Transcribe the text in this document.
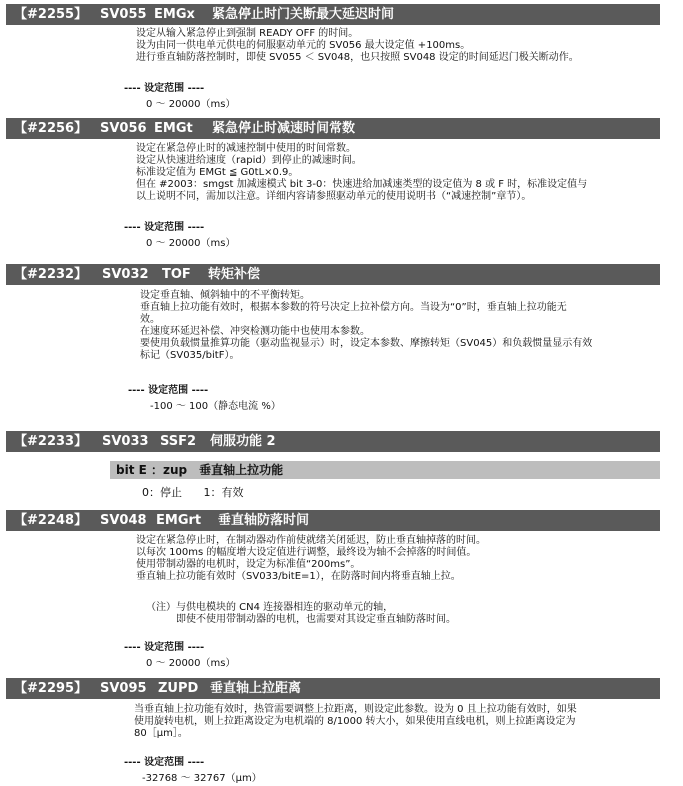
【#2255】 SV055 EMGx 紧急停止时门关断最大延迟时间

设定从输入紧急停止到强制 READY OFF 的时间。

设为由同一供电单元供电的伺服驱动单元的 SV056 最大设定值 +100ms。

进行垂直轴防落控制时，即使 SV055 ＜ SV048，也只按照 SV048 设定的时间延迟门极关断动作。

---- 设定范围 ----
0 ～ 20000（ms）
【#2256】 SV056 EMGt 紧急停止时减速时间常数

设定在紧急停止时的减速控制中使用的时间常数。

设定从快速进给速度（rapid）到停止的减速时间。

标准设定值为 EMGt ≦ G0tL×0.9。

但在 #2003：smgst 加减速模式 bit 3-0：快速进给加减速类型的设定值为 8 或 F 时，标准设定值与

以上说明不同，需加以注意。详细内容请参照驱动单元的使用说明书（“减速控制”章节）。

---- 设定范围 ----
0 ～ 20000（ms）
【#2232】 SV032 TOF 转矩补偿

设定垂直轴、倾斜轴中的不平衡转矩。

垂直轴上拉功能有效时，根据本参数的符号决定上拉补偿方向。当设为“0”时，垂直轴上拉功能无

效。

在速度环延迟补偿、冲突检测功能中也使用本参数。

要使用负载惯量推算功能（驱动监视显示）时，设定本参数、摩擦转矩（SV045）和负载惯量显示有效

标记（SV035/bitF）。

---- 设定范围 ----
-100 ～ 100（静态电流 %）
【#2233】 SV033 SSF2 伺服功能 2
bit E ：zup　垂直轴上拉功能
0：停止 1：有效
【#2248】 SV048 EMGrt 垂直轴防落时间

设定在紧急停止时，在制动器动作前使就绪关闭延迟，防止垂直轴掉落的时间。

以每次 100ms 的幅度增大设定值进行调整，最终设为轴不会掉落的时间值。

使用带制动器的电机时，设定为标准值“200ms”。

垂直轴上拉功能有效时（SV033/bitE=1），在防落时间内将垂直轴上拉。

（注）与供电模块的 CN4 连接器相连的驱动单元的轴，

　　　即使不使用带制动器的电机，也需要对其设定垂直轴防落时间。

---- 设定范围 ----
0 ～ 20000（ms）
【#2295】 SV095 ZUPD 垂直轴上拉距离

当垂直轴上拉功能有效时，热管需要调整上拉距离，则设定此参数。设为 0 且上拉功能有效时，如果

使用旋转电机，则上拉距离设定为电机端的 8/1000 转大小，如果使用直线电机，则上拉距离设定为

80［μm］。

---- 设定范围 ----
-32768 ～ 32767（μm）
